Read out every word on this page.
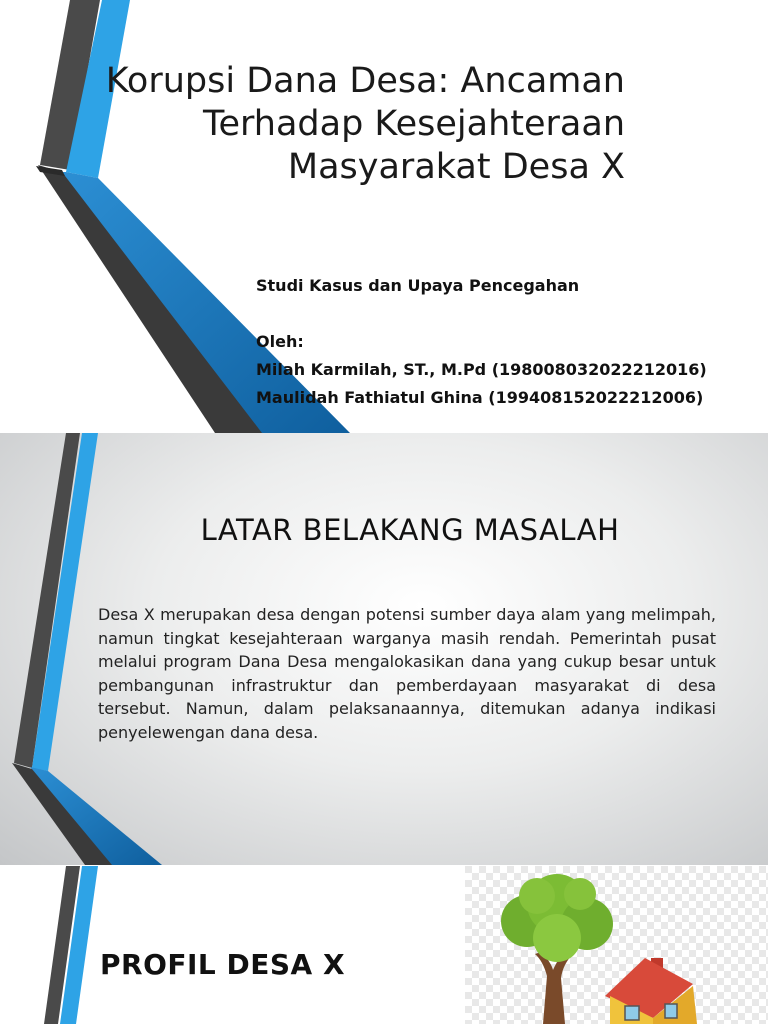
Korupsi Dana Desa: Ancaman
Terhadap Kesejahteraan
Masyarakat Desa X
Studi Kasus dan Upaya Pencegahan
Oleh:
Milah Karmilah, ST., M.Pd (198008032022212016)
Maulidah Fathiatul Ghina (199408152022212006)
LATAR BELAKANG MASALAH
Desa X merupakan desa dengan potensi sumber daya alam yang melimpah, namun tingkat kesejahteraan warganya masih rendah. Pemerintah pusat melalui program Dana Desa mengalokasikan dana yang cukup besar untuk pembangunan infrastruktur dan pemberdayaan masyarakat di desa tersebut. Namun, dalam pelaksanaannya, ditemukan adanya indikasi penyelewengan dana desa.
PROFIL DESA X
